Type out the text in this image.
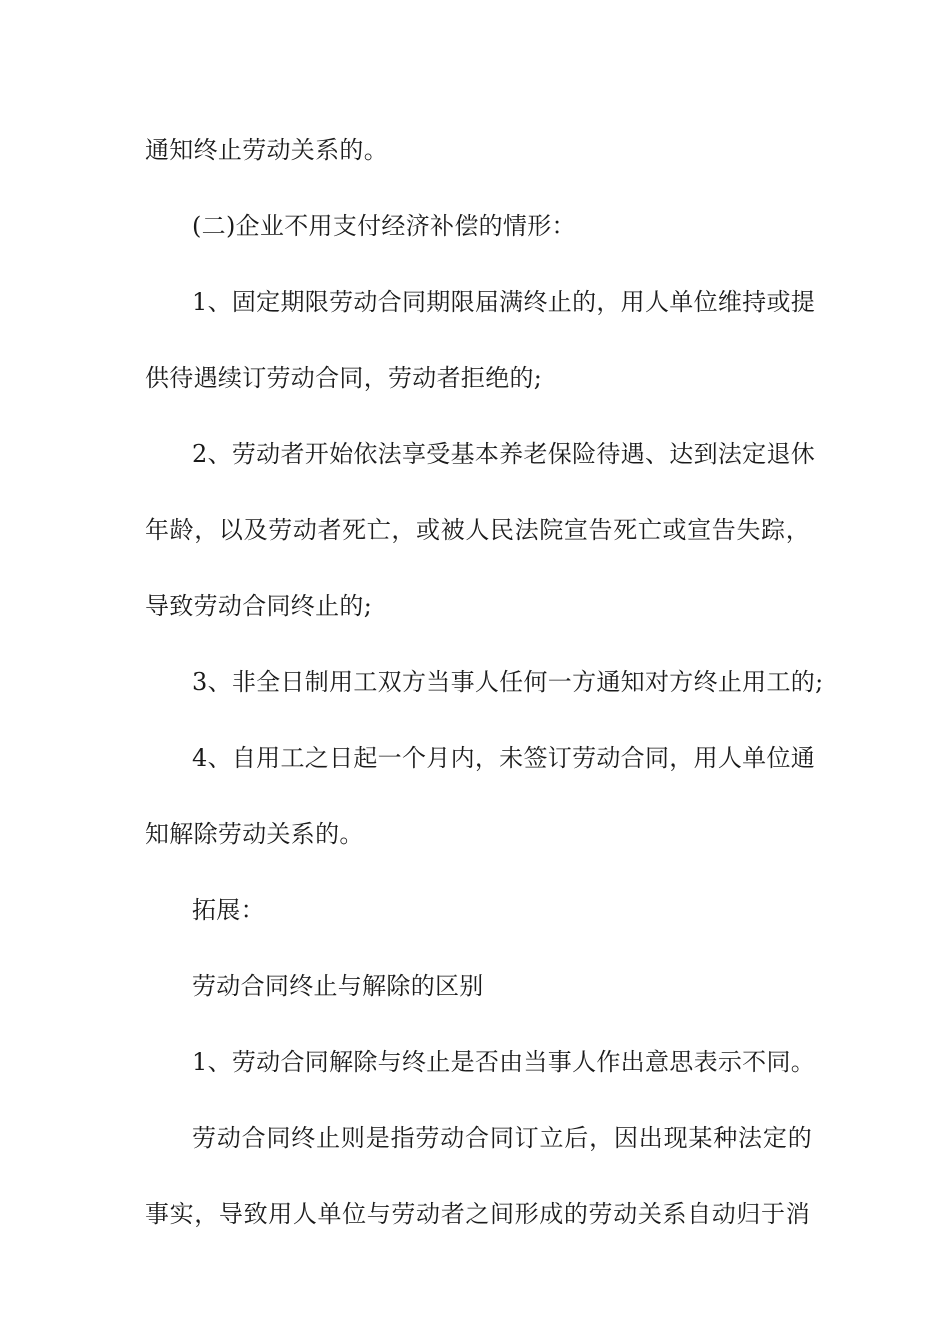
通知终止劳动关系的。
(二)企业不用支付经济补偿的情形：
1、固定期限劳动合同期限届满终止的，用人单位维持或提
供待遇续订劳动合同，劳动者拒绝的;
2、劳动者开始依法享受基本养老保险待遇、达到法定退休
年龄，以及劳动者死亡，或被人民法院宣告死亡或宣告失踪，
导致劳动合同终止的;
3、非全日制用工双方当事人任何一方通知对方终止用工的;
4、自用工之日起一个月内，未签订劳动合同，用人单位通
知解除劳动关系的。
拓展：
劳动合同终止与解除的区别
1、劳动合同解除与终止是否由当事人作出意思表示不同。
劳动合同终止则是指劳动合同订立后，因出现某种法定的
事实，导致用人单位与劳动者之间形成的劳动关系自动归于消
